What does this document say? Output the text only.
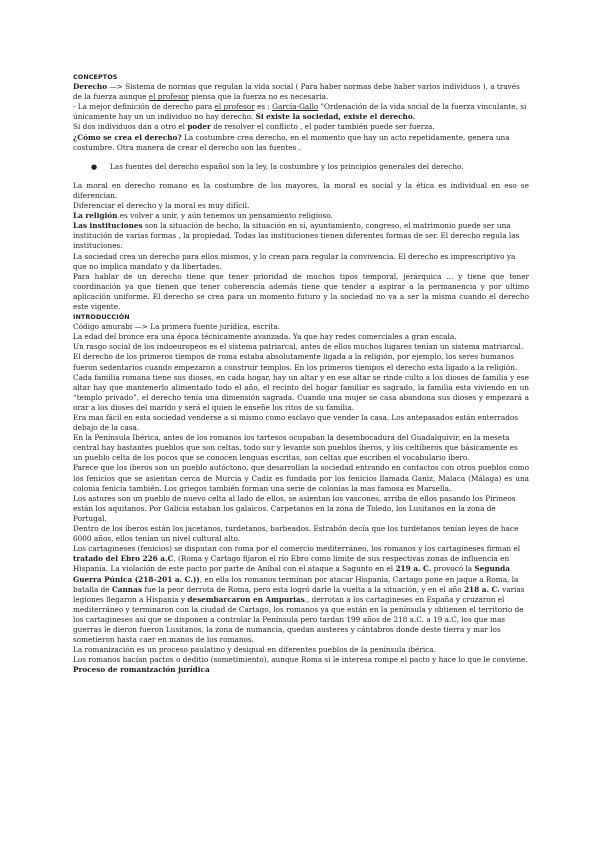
CONCEPTOS

Derecho —> Sistema de normas que regulan la vida social ( Para haber normas debe haber varios individuos ), a través de la fuerza aunque el profesor piensa que la fuerza no es necesaria.

- La mejor definición de derecho para el profesor es : García-Gallo "Ordenación de la vida social de la fuerza vinculante, si únicamente hay un un individuo no hay derecho. Si existe la sociedad, existe el derecho.

Si dos individuos dan a otro el poder de resolver el conflicto , el poder también puede ser fuerza.

¿Cómo se crea el derecho? La costumbre crea derecho, en el momento que hay un acto repetidamente, genera una costumbre. Otra manera de crear el derecho son las fuentes .

●	Las fuentes del derecho español son la ley, la costumbre y los principios generales del derecho.

La moral en derecho romano es la costumbre de los mayores, la moral es social y la ética es individual en eso se diferencian.

Diferenciar el derecho y la moral es muy difícil.

La religión es volver a unir, y aún tenemos un pensamiento religioso.

Las instituciones son la situación de hecho, la situación en sí, ayuntamiento, congreso, el matrimonio puede ser una institución de varias formas , la propiedad. Todas las instituciones tienen diferentes formas de ser. El derecho regula las instituciones.

La sociedad crea un derecho para ellos mismos, y lo crean para regular la convivencia. El derecho es imprescriptivo ya que no implica mandato y da libertades.

Para hablar de un derecho tiene que tener prioridad de muchos tipos temporal, jerárquica ... y tiene que tener coordinación ya que tienen que tener coherencia además tiene que tender a aspirar a la permanencia y por ultimo aplicación uniforme. El derecho se crea para un momento futuro y la sociedad no va a ser la misma cuando el derecho este vigente.

INTRODUCCIÓN

Código amurabi —> La primera fuente jurídica, escrita.

La edad del bronce era una época técnicamente avanzada. Ya que hay redes comerciales a gran escala.

Un rasgo social de los indoeuropeos es el sistema patriarcal, antes de ellos muchos lugares tenían un sistema matriarcal.

El derecho de los primeros tiempos de roma estaba absolutamente ligada a la religión, por ejemplo, los seres humanos fueron sedentarios cuando empezaron a construir templos. En los primeros tiempos el derecho esta ligado a la religión.

Cada familia romana tiene sus dioses, en cada hogar, hay un altar y en ese altar se rinde culto a los dioses de familia y ese altar hay que mantenerlo alimentado todo el año, el recinto del hogar familiar es sagrado, la familia esta viviendo en un “templo privado”, el derecho tenía una dimensión sagrada. Cuando una mujer se casa abandona sus dioses y empezará a orar a los dioses del marido y será el quien le enseñe los ritos de su familia.

Era mas fácil en esta sociedad venderse a si mismo como esclavo que vender la casa. Los antepasados están enterrados debajo de la casa.

En la Península Ibérica, antes de los romanos los tartesos ocupaban la desembocadura del Guadalquivir, en la meseta central hay bastantes pueblos que son celtas, todo sur y levante son pueblos íberos, y los celtíberos que básicamente es un pueblo celta de los pocos que se conocen lenguas escritas, son celtas que escriben el vocabulario íbero.

Parece que los iberos son un pueblo autóctono, que desarrollan la sociedad entrando en contactos con otros pueblos como los fenicios que se asientan cerca de Murcia y Cadiz es fundada por los fenicios llamada Ganiz, Malaca (Málaga) es una colonia fenicia también. Los griegos también forman una serie de colonias la mas famosa es Marsella.

Los astures son un pueblo de nuevo celta al lado de ellos, se asientan los vascones, arriba de ellos pasando los Pirineos están los aquitanos. Por Galicia estaban los galaicos. Carpetanos en la zona de Toledo, los Lusitanos en la zona de Portugal.

Dentro de los íberos están los jacetanos, turdetanos, barbeados. Estrabón decía que los turdetanos tenían leyes de hace 6000 años, ellos tenían un nivel cultural alto.

Los cartagineses (fenicios) se disputan con roma por el comercio mediterráneo, los romanos y los cartagineses firman el tratado del Ebro 226 a.C, (Roma y Cartago fijaron el río Ebro como límite de sus respectivas zonas de influencia en Hispania. La violación de este pacto por parte de Aníbal con el ataque a Sagunto en el 219 a. C. provocó la Segunda Guerra Púnica (218–201 a. C.)), en ella los romanos terminan por atacar Hispania, Cartago pone en jaque a Roma, la batalla de Cannas fue la peor derrota de Roma, pero esta logró darle la vuelta a la situación, y en el año 218 a. C. varias legiones llegaron a Hispania y desembarcaron en Ampurias., derrotan a los cartagineses en España y cruzaron el mediterráneo y terminaron con la ciudad de Cartago, los romanos ya que están en la península y obtienen el territorio de los cartagineses así que se disponen a controlar la Península pero tardan 199 años de 218 a.C. a 19 a.C, los que mas guerras le dieron fueron Lusitanos, la zona de numancia, quedan austeres y cántabros donde deste tierra y mar los sometieron hasta caer en manos de los romanos.

La romanización es un proceso paulatino y desigual en diferentes pueblos de la península ibérica.

Los romanos hacían pactos o deditio (sometimiento), aunque Roma si le interesa rompe el pacto y hace lo que le conviene.

Proceso de romanización jurídica
